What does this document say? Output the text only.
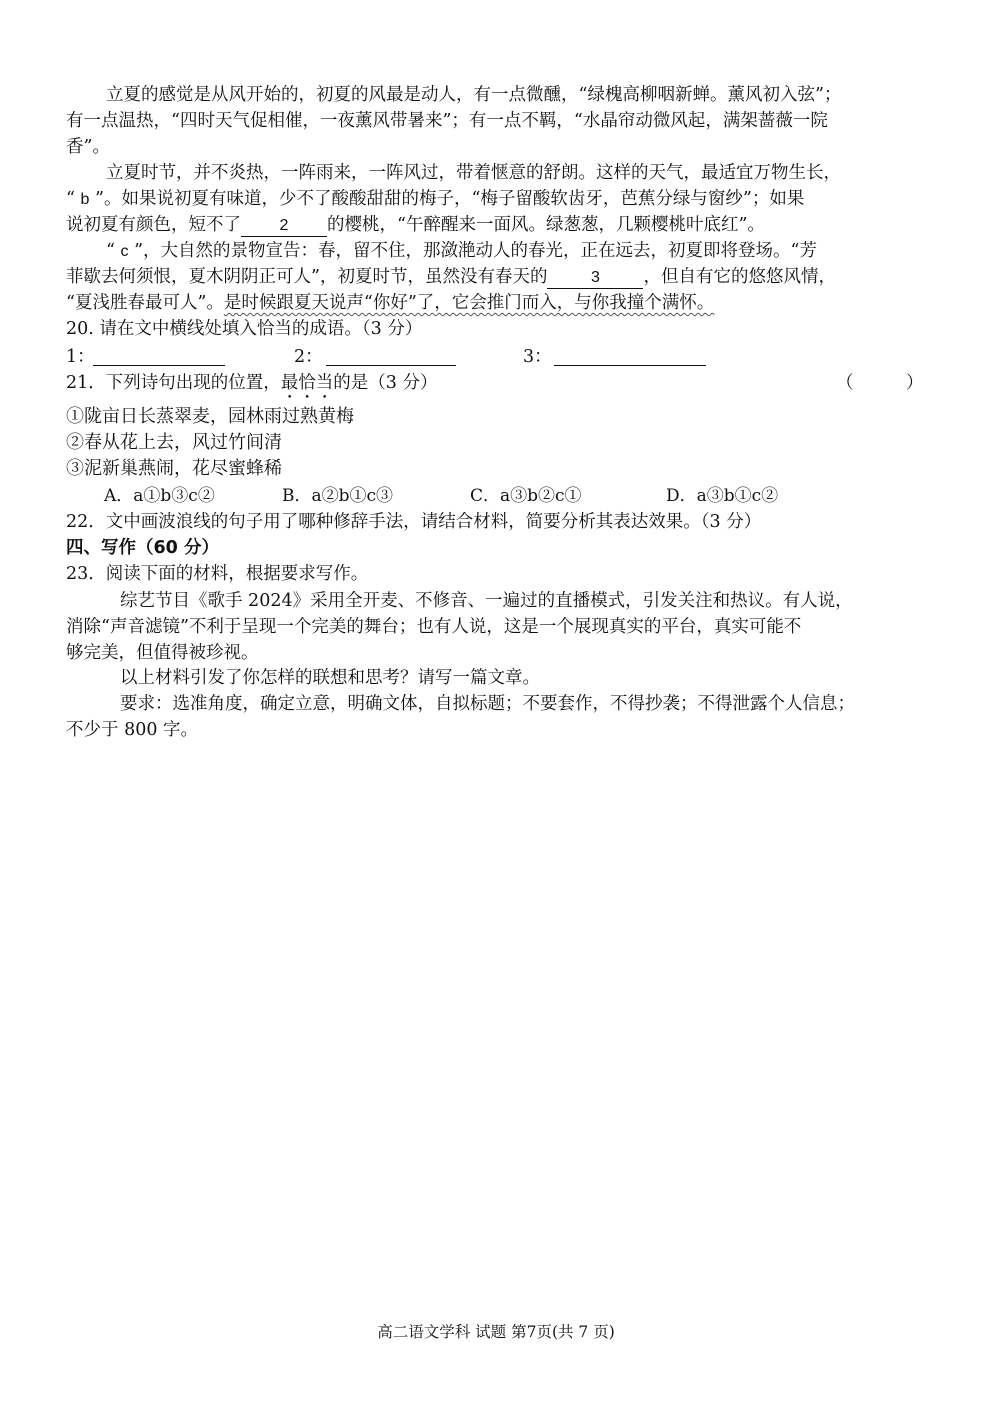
立夏的感觉是从风开始的，初夏的风最是动人，有一点微醺，“绿槐高柳咽新蝉。薰风初入弦”；
有一点温热，“四时天气促相催，一夜薰风带暑来”；有一点不羁，“水晶帘动微风起，满架蔷薇一院
香”。
立夏时节，并不炎热，一阵雨来，一阵风过，带着惬意的舒朗。这样的天气，最适宜万物生长，
“ b ”。如果说初夏有味道，少不了酸酸甜甜的梅子，“梅子留酸软齿牙，芭蕉分绿与窗纱”；如果
说初夏有颜色，短不了 2 的樱桃，“午醉醒来一面风。绿葱葱，几颗樱桃叶底红”。
“ c ”，大自然的景物宣告：春，留不住，那潋滟动人的春光，正在远去，初夏即将登场。“芳
菲歇去何须恨，夏木阴阴正可人”，初夏时节，虽然没有春天的	3 ，但自有它的悠悠风情，
“夏浅胜春最可人”。是时候跟夏天说声“你好”了，它会推门而入，与你我撞个满怀。
20. 请在文中横线处填入恰当的成语。（3 分）
1：	2：	3：
21．下列诗句出现的位置，最恰当的是（3 分）	（　　　）
①陇亩日长蒸翠麦，园林雨过熟黄梅
②春从花上去，风过竹间清
③泥新巢燕闹，花尽蜜蜂稀
A．a①b③c②	B．a②b①c③	C．a③b②c①	D．a③b①c②
22．文中画波浪线的句子用了哪种修辞手法，请结合材料，简要分析其表达效果。（3 分）
四、写作（60 分）
23．阅读下面的材料，根据要求写作。
综艺节目《歌手 2024》采用全开麦、不修音、一遍过的直播模式，引发关注和热议。有人说，
消除“声音滤镜”不利于呈现一个完美的舞台；也有人说，这是一个展现真实的平台，真实可能不
够完美，但值得被珍视。
以上材料引发了你怎样的联想和思考？请写一篇文章。
要求：选准角度，确定立意，明确文体，自拟标题；不要套作，不得抄袭；不得泄露个人信息；
不少于 800 字。
高二语文学科 试题 第7页(共 7 页)
